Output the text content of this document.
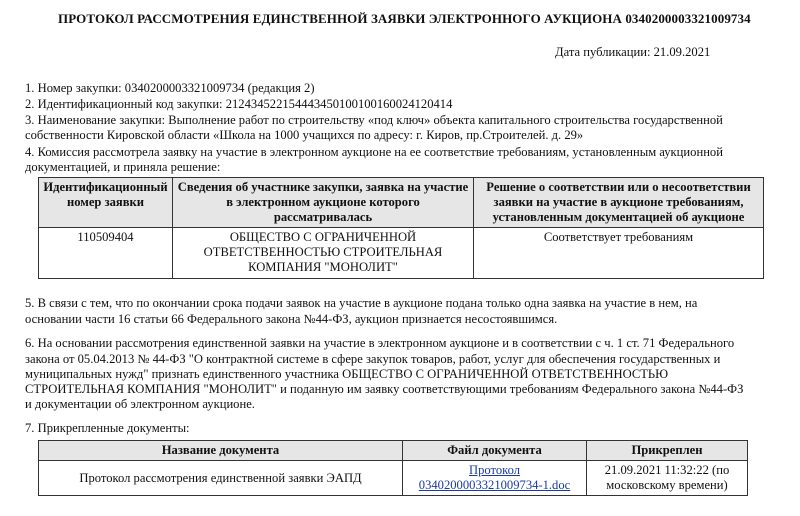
ПРОТОКОЛ РАССМОТРЕНИЯ ЕДИНСТВЕННОЙ ЗАЯВКИ ЭЛЕКТРОННОГО АУКЦИОНА 0340200003321009734
Дата публикации: 21.09.2021
1. Номер закупки: 0340200003321009734 (редакция 2)
2. Идентификационный код закупки: 212434522154443450100100160024120414
3. Наименование закупки: Выполнение работ по строительству «под ключ» объекта капитального строительства государственной
собственности Кировской области «Школа на 1000 учащихся по адресу: г. Киров, пр.Строителей. д. 29»
4. Комиссия рассмотрела заявку на участие в электронном аукционе на ее соответствие требованиям, установленным аукционной
документацией, и приняла решение:
Идентификационный номер заявки	Сведения об участнике закупки, заявка на участие в электронном аукционе которого рассматривалась	Решение о соответствии или о несоответствии заявки на участие в аукционе требованиям, установленным документацией об аукционе
110509404	ОБЩЕСТВО С ОГРАНИЧЕННОЙ ОТВЕТСТВЕННОСТЬЮ СТРОИТЕЛЬНАЯ КОМПАНИЯ "МОНОЛИТ"	Соответствует требованиям
5. В связи с тем, что по окончании срока подачи заявок на участие в аукционе подана только одна заявка на участие в нем, на
основании части 16 статьи 66 Федерального закона №44-ФЗ, аукцион признается несостоявшимся.
6. На основании рассмотрения единственной заявки на участие в электронном аукционе и в соответствии с ч. 1 ст. 71 Федерального
закона от 05.04.2013 № 44-ФЗ "О контрактной системе в сфере закупок товаров, работ, услуг для обеспечения государственных и
муниципальных нужд" признать единственного участника ОБЩЕСТВО С ОГРАНИЧЕННОЙ ОТВЕТСТВЕННОСТЬЮ
СТРОИТЕЛЬНАЯ КОМПАНИЯ "МОНОЛИТ" и поданную им заявку соответствующими требованиям Федерального закона №44-ФЗ
и документации об электронном аукционе.
7. Прикрепленные документы:
Название документа	Файл документа	Прикреплен
Протокол рассмотрения единственной заявки ЭАПД	Протокол
0340200003321009734-1.doc	21.09.2021 11:32:22 (по
московскому времени)
